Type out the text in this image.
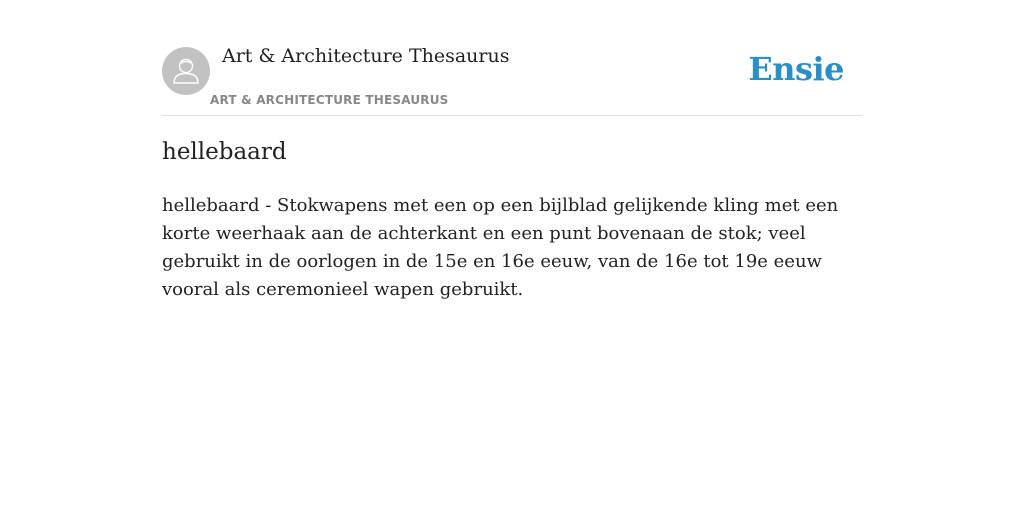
Art & Architecture Thesaurus
ART & ARCHITECTURE THESAURUS
Ensie
hellebaard

hellebaard - Stokwapens met een op een bijlblad gelijkende kling met een korte weerhaak aan de achterkant en een punt bovenaan de stok; veel gebruikt in de oorlogen in de 15e en 16e eeuw, van de 16e tot 19e eeuw vooral als ceremonieel wapen gebruikt.
